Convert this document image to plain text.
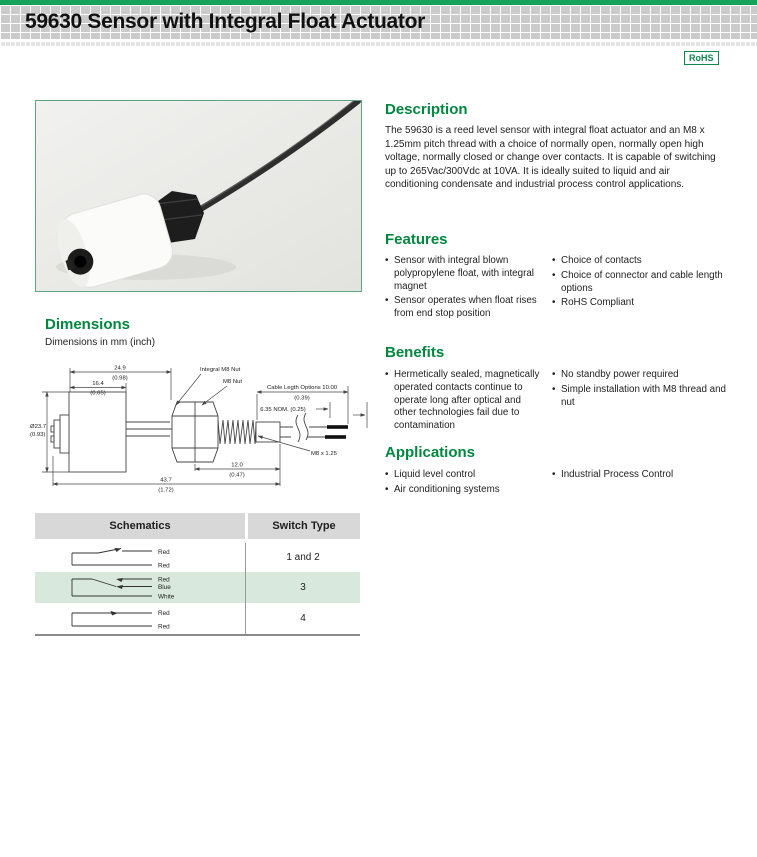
59630 Sensor with Integral Float Actuator
RoHS
Description
The 59630 is a reed level sensor with integral float actuator and an M8 x 1.25mm pitch thread with a choice of normally open, normally open high voltage, normally closed or change over contacts. It is capable of switching up to 265Vac/300Vdc at 10VA. It is ideally suited to liquid and air conditioning condensate and industrial process control applications.
Features
• Sensor with integral blown polypropylene float, with integral magnet
• Sensor operates when float rises from end stop position
• Choice of contacts
• Choice of connector and cable length options
• RoHS Compliant
Benefits
• Hermetically sealed, magnetically operated contacts continue to operate long after optical and other technologies fail due to contamination
• No standby power required
• Simple installation with M8 thread and nut
Applications
• Liquid level control
• Air conditioning systems
• Industrial Process Control
Dimensions
Dimensions in mm (inch)
24.9
(0.98)
16.4
(0.65)
Ø23.7
(0.93)
43.7
(1.72)
12.0
(0.47)
Cable Legth Options 10.00
(0.39)
6.35 NOM. (0.25)
Integral M8 Nut
M8 Nut
M8 x 1.25
Schematics	Switch Type
Red
Red
1 and 2
Red
Blue
White
3
Red
Red
4
